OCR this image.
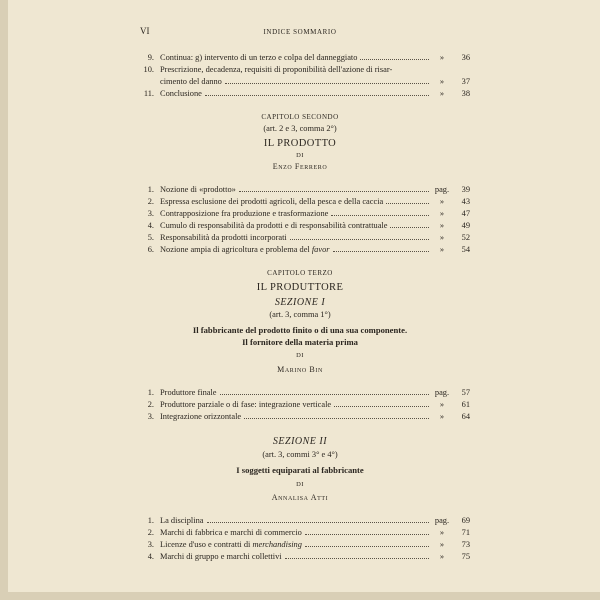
VI	INDICE SOMMARIO
9. Continua: g) intervento di un terzo e colpa del danneggiato	»	36
10. Prescrizione, decadenza, requisiti di proponibilità dell'azione di risar-
cimento del danno	»	37
11. Conclusione	»	38
CAPITOLO SECONDO
(art. 2 e 3, comma 2°)
IL PRODOTTO
DI
Enzo Ferrero
1. Nozione di «prodotto»	pag.	39
2. Espressa esclusione dei prodotti agricoli, della pesca e della caccia	»	43
3. Contrapposizione fra produzione e trasformazione	»	47
4. Cumulo di responsabilità da prodotti e di responsabilità contrattuale	»	49
5. Responsabilità da prodotti incorporati	»	52
6. Nozione ampia di agricoltura e problema del favor	»	54
CAPITOLO TERZO
IL PRODUTTORE
SEZIONE I
(art. 3, comma 1°)
Il fabbricante del prodotto finito o di una sua componente.
Il fornitore della materia prima
DI
Marino Bin
1. Produttore finale	pag.	57
2. Produttore parziale o di fase: integrazione verticale	»	61
3. Integrazione orizzontale	»	64
SEZIONE II
(art. 3, commi 3° e 4°)
I soggetti equiparati al fabbricante
DI
Annalisa Atti
1. La disciplina	pag.	69
2. Marchi di fabbrica e marchi di commercio	»	71
3. Licenze d'uso e contratti di merchandising	»	73
4. Marchi di gruppo e marchi collettivi	»	75
